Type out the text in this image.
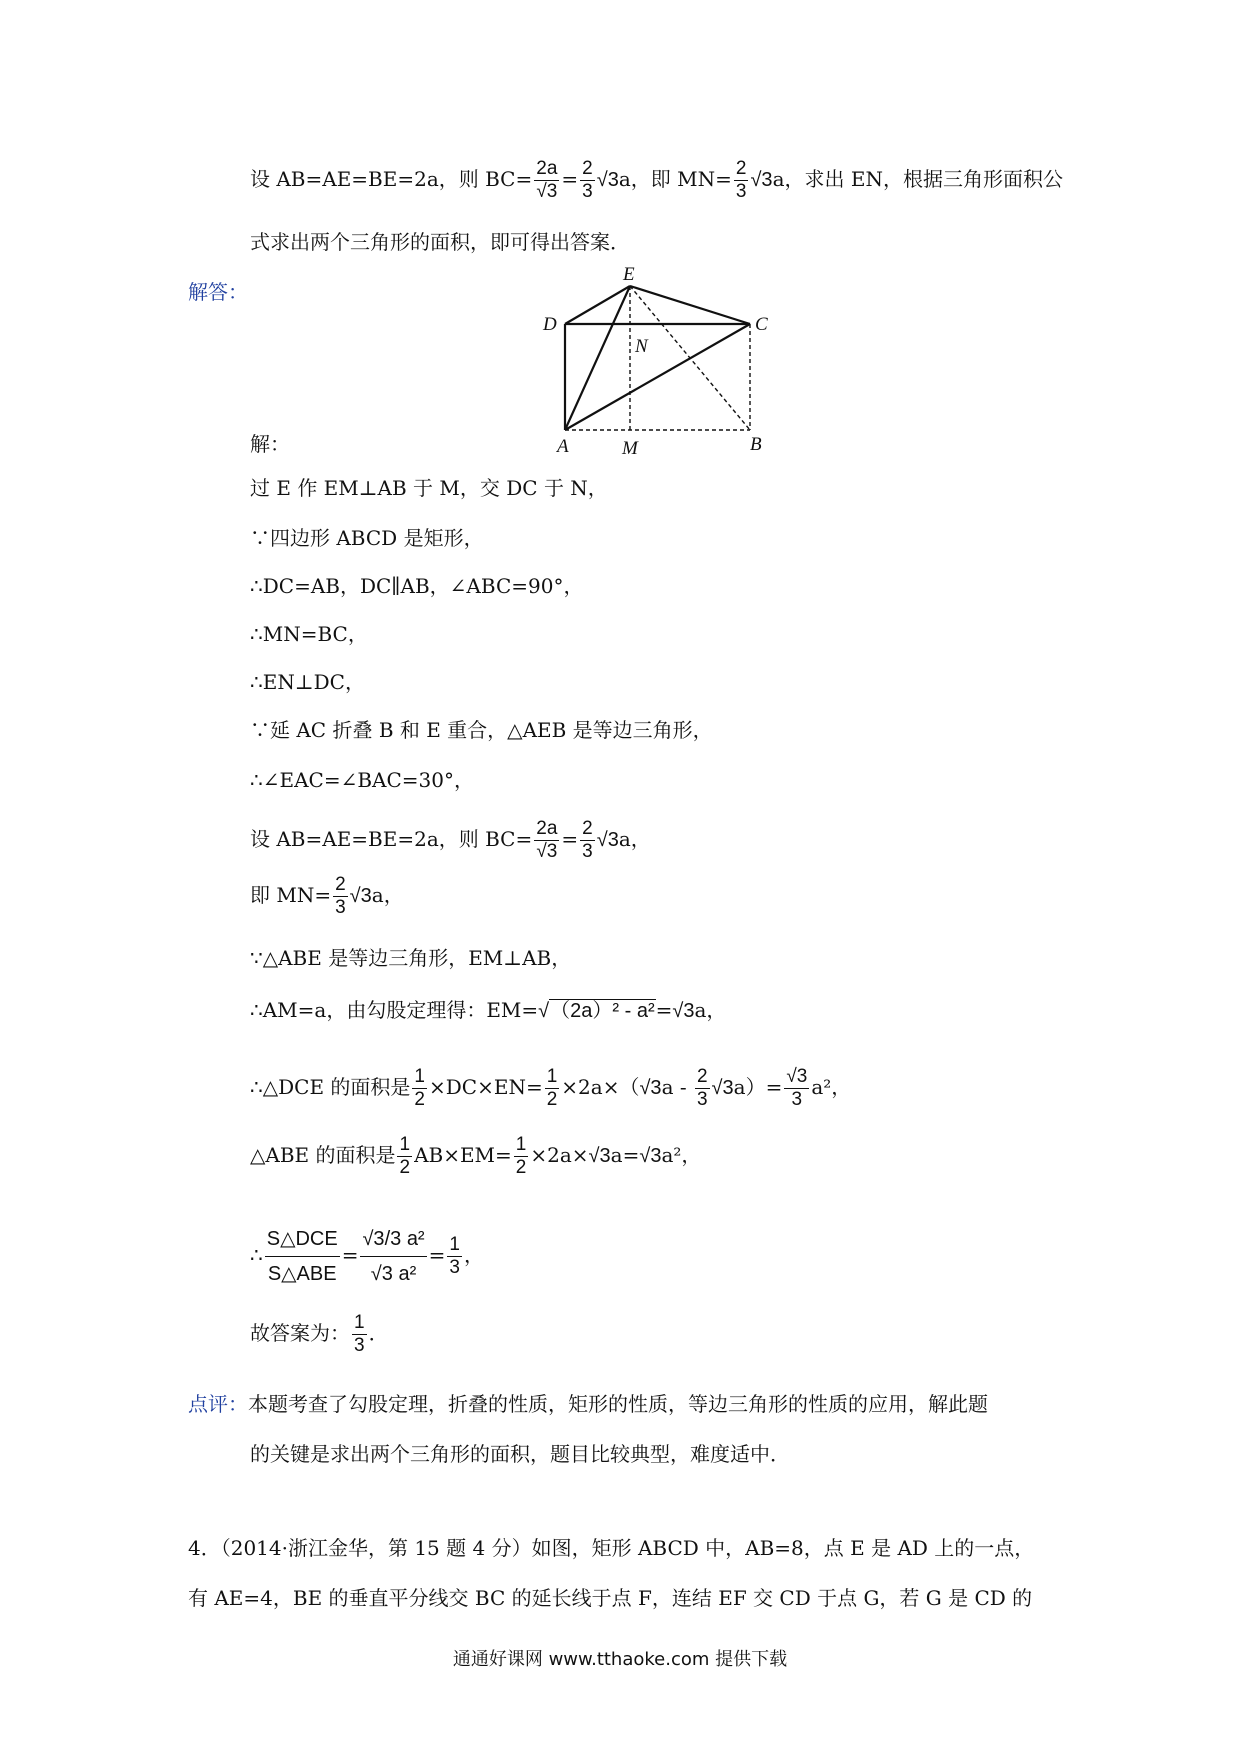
设 AB=AE=BE=2a，则 $BC= \frac{2a}{√3} = \frac{2}{3} √3a$，即 $MN= \frac{2}{3} √3a$，求出 EN，根据三角形面积公
式求出两个三角形的面积，即可得出答案．
解答：
E
D	C
N
A	M	B
解：
过 E 作 EM⊥AB 于 M，交 DC 于 N，
∵四边形 ABCD 是矩形，
∴DC=AB，DC∥AB，∠ABC=90°，
∴MN=BC，
∴EN⊥DC，
∵延 AC 折叠 B 和 E 重合，△AEB 是等边三角形，
∴∠EAC=∠BAC=30°，
设 AB=AE=BE=2a，则 $BC= \frac{2a}{√3} = \frac{2}{3} √3a$，
即 $MN= \frac{2}{3} √3a$，
∵△ABE 是等边三角形，EM⊥AB，
∴AM=a，由勾股定理得：EM=√（2a）² - a²=√3a，
∴△DCE 的面积是 $\frac{1}{2} \times DC\times EN= \frac{1}{2} \times 2a\times(√3a - \frac{2}{3} √3a)= \frac{√3}{3} a^2$，
△ABE 的面积是 $\frac{1}{2} AB\times EM= \frac{1}{2} \times 2a\times√3a=√3a^2$，
∴ $\frac{\text{S△DCE}}{\text{S△ABE}} = \frac{\text{√3/3 a²}}{\text{√3 a²}} = \frac{1}{3}$ ，
故答案为： $\frac{1}{3}$ ．
点评：本题考查了勾股定理，折叠的性质，矩形的性质，等边三角形的性质的应用，解此题
的关键是求出两个三角形的面积，题目比较典型，难度适中．
4．（2014·浙江金华，第 15 题 4 分）如图，矩形 ABCD 中，AB=8，点 E 是 AD 上的一点，
有 AE=4，BE 的垂直平分线交 BC 的延长线于点 F，连结 EF 交 CD 于点 G，若 G 是 CD 的
通通好课网 www.tthaoke.com 提供下载
